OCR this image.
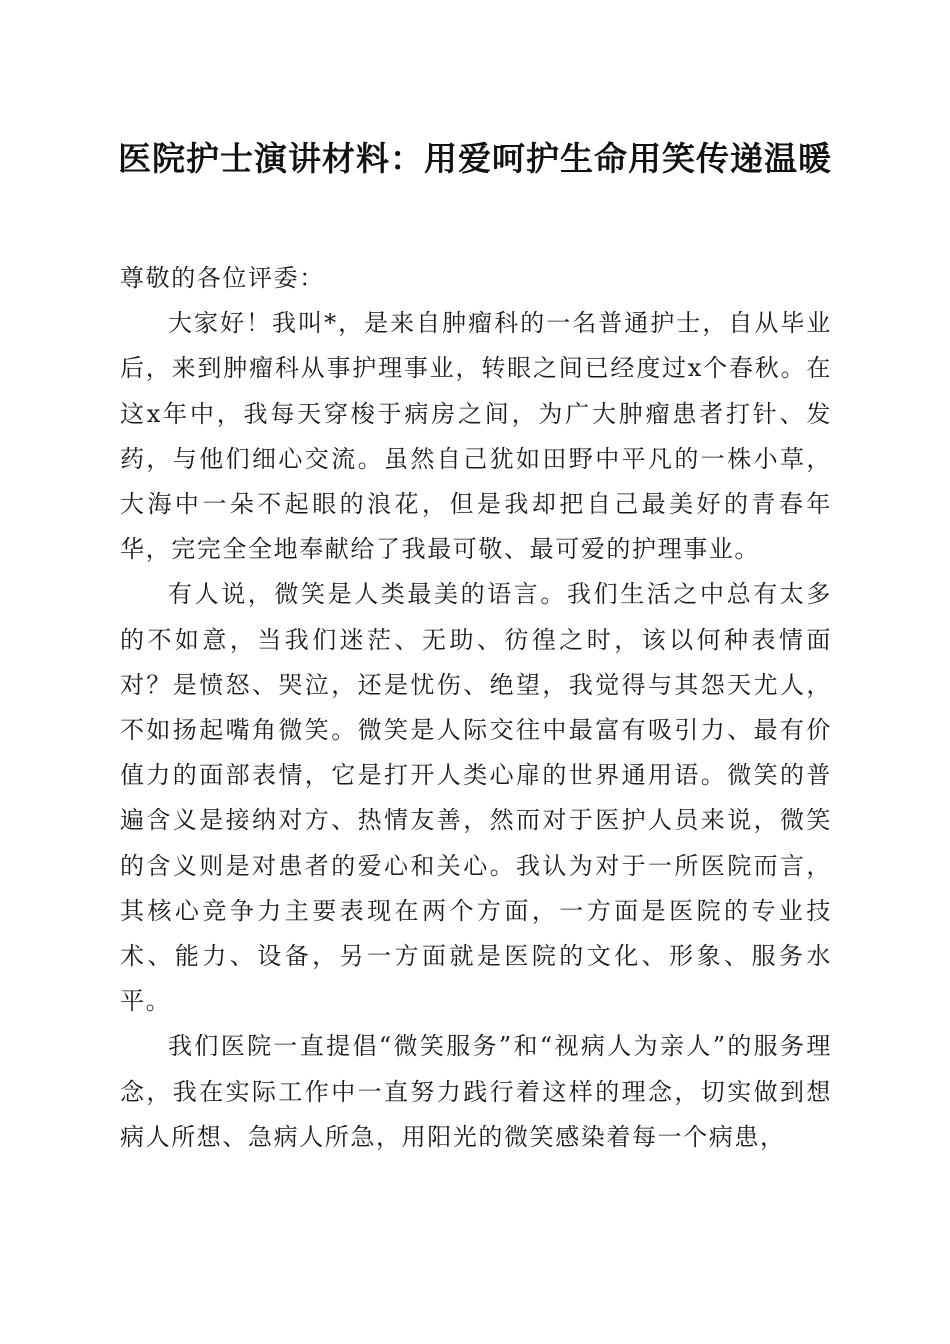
医院护士演讲材料：用爱呵护生命用笑传递温暖

尊敬的各位评委：

大家好！我叫*，是来自肿瘤科的一名普通护士，自从毕业后，来到肿瘤科从事护理事业，转眼之间已经度过x个春秋。在这x年中，我每天穿梭于病房之间，为广大肿瘤患者打针、发药，与他们细心交流。虽然自己犹如田野中平凡的一株小草，大海中一朵不起眼的浪花，但是我却把自己最美好的青春年华，完完全全地奉献给了我最可敬、最可爱的护理事业。

有人说，微笑是人类最美的语言。我们生活之中总有太多的不如意，当我们迷茫、无助、彷徨之时，该以何种表情面对？是愤怒、哭泣，还是忧伤、绝望，我觉得与其怨天尤人，不如扬起嘴角微笑。微笑是人际交往中最富有吸引力、最有价值力的面部表情，它是打开人类心扉的世界通用语。微笑的普遍含义是接纳对方、热情友善，然而对于医护人员来说，微笑的含义则是对患者的爱心和关心。我认为对于一所医院而言，其核心竞争力主要表现在两个方面，一方面是医院的专业技术、能力、设备，另一方面就是医院的文化、形象、服务水平。

我们医院一直提倡“微笑服务”和“视病人为亲人”的服务理念，我在实际工作中一直努力践行着这样的理念，切实做到想病人所想、急病人所急，用阳光的微笑感染着每一个病患，
